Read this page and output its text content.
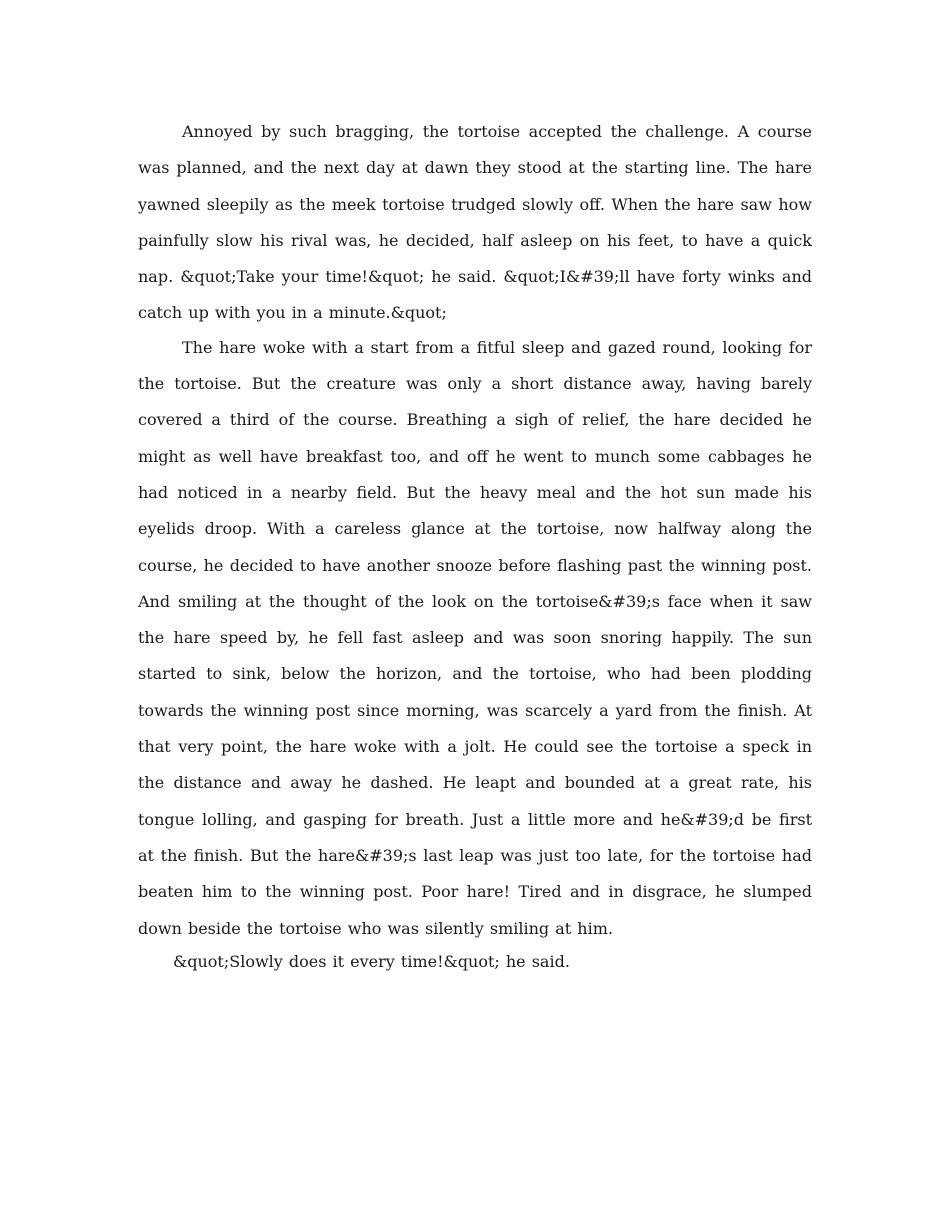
Annoyed by such bragging, the tortoise accepted the challenge. A course was planned, and the next day at dawn they stood at the starting line. The hare yawned sleepily as the meek tortoise trudged slowly off. When the hare saw how painfully slow his rival was, he decided, half asleep on his feet, to have a quick nap. &quot;Take your time!&quot; he said. &quot;I&#39;ll have forty winks and catch up with you in a minute.&quot;

The hare woke with a start from a fitful sleep and gazed round, looking for the tortoise. But the creature was only a short distance away, having barely covered a third of the course. Breathing a sigh of relief, the hare decided he might as well have breakfast too, and off he went to munch some cabbages he had noticed in a nearby field. But the heavy meal and the hot sun made his eyelids droop. With a careless glance at the tortoise, now halfway along the course, he decided to have another snooze before flashing past the winning post. And smiling at the thought of the look on the tortoise&#39;s face when it saw the hare speed by, he fell fast asleep and was soon snoring happily. The sun started to sink, below the horizon, and the tortoise, who had been plodding towards the winning post since morning, was scarcely a yard from the finish. At that very point, the hare woke with a jolt. He could see the tortoise a speck in the distance and away he dashed. He leapt and bounded at a great rate, his tongue lolling, and gasping for breath. Just a little more and he&#39;d be first at the finish. But the hare&#39;s last leap was just too late, for the tortoise had beaten him to the winning post. Poor hare! Tired and in disgrace, he slumped down beside the tortoise who was silently smiling at him.

&quot;Slowly does it every time!&quot; he said.
